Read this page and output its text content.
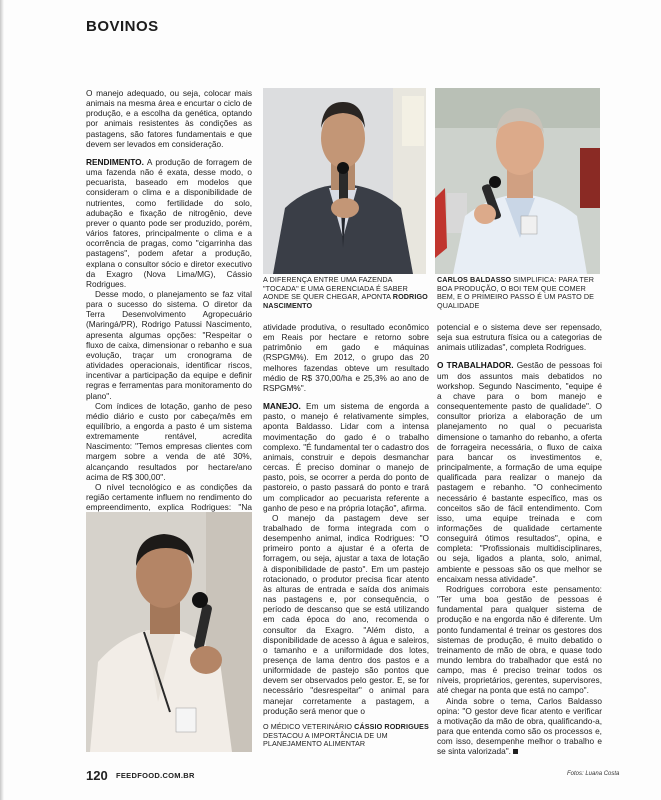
BOVINOS

O manejo adequado, ou seja, colocar mais animais na mesma área e encurtar o ciclo de produção, e a escolha da genética, optando por animais resistentes às condições as pastagens, são fatores fundamentais e que devem ser levados em consideração.

RENDIMENTO. A produção de forragem de uma fazenda não é exata, desse modo, o pecuarista, baseado em modelos que consideram o clima e a disponibilidade de nutrientes, como fertilidade do solo, adubação e fixação de nitrogênio, deve prever o quanto pode ser produzido, porém, vários fatores, principalmente o clima e a ocorrência de pragas, como "cigarrinha das pastagens", podem afetar a produção, explana o consultor sócio e diretor executivo da Exagro (Nova Lima/MG), Cássio Rodrigues.

Desse modo, o planejamento se faz vital para o sucesso do sistema. O diretor da Terra Desenvolvimento Agropecuário (Maringá/PR), Rodrigo Patussi Nascimento, apresenta algumas opções: "Respeitar o fluxo de caixa, dimensionar o rebanho e sua evolução, traçar um cronograma de atividades operacionais, identificar riscos, incentivar a participação da equipe e definir regras e ferramentas para monitoramento do plano".

Com índices de lotação, ganho de peso médio diário e custo por cabeça/mês em equilíbrio, a engorda a pasto é um sistema extremamente rentável, acredita Nascimento: "Temos empresas clientes com margem sobre a venda de até 30%, alcançando resultados por hectare/ano acima de R$ 300,00".

O nível tecnológico e as condições da região certamente influem no rendimento do empreendimento, explica Rodrigues: "Na

A DIFERENÇA ENTRE UMA FAZENDA "TOCADA" E UMA GERENCIADA É SABER AONDE SE QUER CHEGAR, APONTA RODRIGO NASCIMENTO
CARLOS BALDASSO SIMPLIFICA: PARA TER BOA PRODUÇÃO, O BOI TEM QUE COMER BEM, E O PRIMEIRO PASSO É UM PASTO DE QUALIDADE

atividade produtiva, o resultado econômico em Reais por hectare e retorno sobre patrimônio em gado e máquinas (RSPGM%). Em 2012, o grupo das 20 melhores fazendas obteve um resultado médio de R$ 370,00/ha e 25,3% ao ano de RSPGM%".

MANEJO. Em um sistema de engorda a pasto, o manejo é relativamente simples, aponta Baldasso. Lidar com a intensa movimentação do gado é o trabalho complexo. "É fundamental ter o cadastro dos animais, construir e depois desmanchar cercas. É preciso dominar o manejo de pasto, pois, se ocorrer a perda do ponto de pastoreio, o pasto passará do ponto e trará um complicador ao pecuarista referente a ganho de peso e na própria lotação", afirma.

O manejo da pastagem deve ser trabalhado de forma integrada com o desempenho animal, indica Rodrigues: "O primeiro ponto a ajustar é a oferta de forragem, ou seja, ajustar a taxa de lotação à disponibilidade de pasto". Em um pastejo rotacionado, o produtor precisa ficar atento às alturas de entrada e saída dos animais nas pastagens e, por consequência, o período de descanso que se está utilizando em cada época do ano, recomenda o consultor da Exagro. "Além disto, a disponibilidade de acesso à água e saleiros, o tamanho e a uniformidade dos lotes, presença de lama dentro dos pastos e a uniformidade de pastejo são pontos que devem ser observados pelo gestor. E, se for necessário "desrespeitar" o animal para manejar corretamente a pastagem, a produção será menor que o

O MÉDICO VETERINÁRIO CÁSSIO RODRIGUES DESTACOU A IMPORTÂNCIA DE UM PLANEJAMENTO ALIMENTAR

potencial e o sistema deve ser repensado, seja sua estrutura física ou a categorias de animais utilizadas", completa Rodrigues.

O TRABALHADOR. Gestão de pessoas foi um dos assuntos mais debatidos no workshop. Segundo Nascimento, "equipe é a chave para o bom manejo e consequentemente pasto de qualidade". O consultor prioriza a elaboração de um planejamento no qual o pecuarista dimensione o tamanho do rebanho, a oferta de forrageira necessária, o fluxo de caixa para bancar os investimentos e, principalmente, a formação de uma equipe qualificada para realizar o manejo da pastagem e rebanho. "O conhecimento necessário é bastante específico, mas os conceitos são de fácil entendimento. Com isso, uma equipe treinada e com informações de qualidade certamente conseguirá ótimos resultados", opina, e completa: "Profissionais multidisciplinares, ou seja, ligados a planta, solo, animal, ambiente e pessoas são os que melhor se encaixam nessa atividade".

Rodrigues corrobora este pensamento: "Ter uma boa gestão de pessoas é fundamental para qualquer sistema de produção e na engorda não é diferente. Um ponto fundamental é treinar os gestores dos sistemas de produção, é muito debatido o treinamento de mão de obra, e quase todo mundo lembra do trabalhador que está no campo, mas é preciso treinar todos os níveis, proprietários, gerentes, supervisores, até chegar na ponta que está no campo".

Ainda sobre o tema, Carlos Baldasso opina: "O gestor deve ficar atento e verificar a motivação da mão de obra, qualificando-a, para que entenda como são os processos e, com isso, desempenhe melhor o trabalho e se sinta valorizada".

120 FEEDFOOD.COM.BR	Fotos: Luana Costa
